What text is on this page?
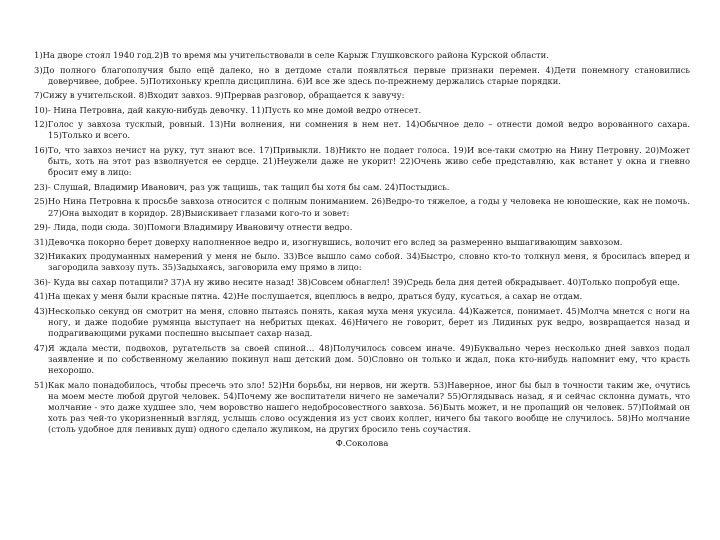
1)На дворе стоял 1940 год.2)В то время мы учительствовали в селе Карыж Глушковского района Курской области.

3)До полного благополучия было ещё далеко, но в детдоме стали появляться первые признаки перемен. 4)Дети понемногу становились доверчивее, добрее. 5)Потихоньку крепла дисциплина. 6)И все же здесь по-прежнему держались старые порядки.

7)Сижу в учительской. 8)Входит завхоз. 9)Прервав разговор, обращается к завучу:

10)- Нина Петровна, дай какую-нибудь девочку. 11)Пусть ко мне домой ведро отнесет.

12)Голос у завхоза тусклый, ровный. 13)Ни волнения, ни сомнения в нем нет. 14)Обычное дело – отнести домой ведро ворованного сахара. 15)Только и всего.

16)То, что завхоз нечист на руку, тут знают все. 17)Привыкли. 18)Никто не подает голоса. 19)И все-таки смотрю на Нину Петровну. 20)Может быть, хоть на этот раз взволнуется ее сердце. 21)Неужели даже не укорит! 22)Очень живо себе представляю, как встанет у окна и гневно бросит ему в лицо:

23)- Слушай, Владимир Иванович, раз уж тащишь, так тащил бы хотя бы сам. 24)Постыдись.

25)Но Нина Петровна к просьбе завхоза относится с полным пониманием. 26)Ведро-то тяжелое, а годы у человека не юношеские, как не помочь. 27)Она выходит в коридор. 28)Выискивает глазами кого-то и зовет:

29)- Лида, поди сюда. 30)Помоги Владимиру Ивановичу отнести ведро.

31)Девочка покорно берет доверху наполненное ведро и, изогнувшись, волочит его вслед за размеренно вышагивающим завхозом.

32)Никаких продуманных намерений у меня не было. 33)Все вышло само собой. 34)Быстро, словно кто-то толкнул меня, я бросилась вперед и загородила завхозу путь. 35)Задыхаясь, заговорила ему прямо в лицо:

36)- Куда вы сахар потащили? 37)А ну живо несите назад! 38)Совсем обнаглел! 39)Средь бела дня детей обкрадывает. 40)Только попробуй еще.

41)На щеках у меня были красные пятна. 42)Не послушается, вцеплюсь в ведро, драться буду, кусаться, а сахар не отдам.

43)Несколько секунд он смотрит на меня, словно пытаясь понять, какая муха меня укусила. 44)Кажется, понимает. 45)Молча мнется с ноги на ногу, и даже подобие румянца выступает на небритых щеках. 46)Ничего не говорит, берет из Лидиных рук ведро, возвращается назад и подрагивающими руками поспешно высыпает сахар назад.

47)Я ждала мести, подвохов, ругательств за своей спиной… 48)Получилось совсем иначе. 49)Буквально через несколько дней завхоз подал заявление и по собственному желанию покинул наш детский дом. 50)Словно он только и ждал, пока кто-нибудь напомнит ему, что красть нехорошо.

51)Как мало понадобилось, чтобы пресечь это зло! 52)Ни борьбы, ни нервов, ни жертв. 53)Наверное, иног бы был в точности таким же, очутись на моем месте любой другой человек. 54)Почему же воспитатели ничего не замечали? 55)Оглядывась назад, я и сейчас склонна думать, что молчание - это даже худшее зло, чем воровство нашего недобросовестного завхоза. 56)Быть может, и не пропащий он человек. 57)Поймай он хоть раз чей-то укоризненный взгляд, услышь слово осуждения из уст своих коллег, ничего бы такого вообще не случилось. 58)Но молчание (столь удобное для ленивых душ) одного сделало жуликом, на других бросило тень соучастия.

Ф.Соколова
